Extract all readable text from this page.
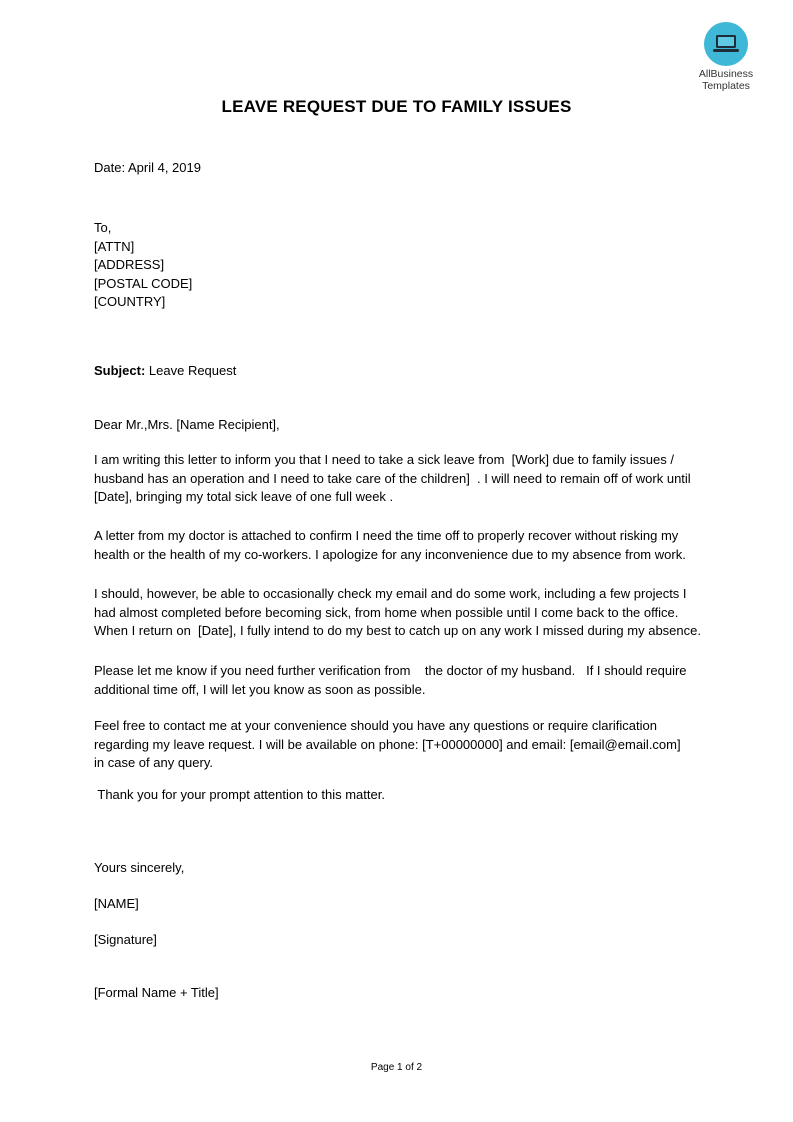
AllBusiness
Templates
LEAVE REQUEST DUE TO FAMILY ISSUES
Date: April 4, 2019
To,
[ATTN]
[ADDRESS]
[POSTAL CODE]
[COUNTRY]
Subject: Leave Request
Dear Mr.,Mrs. [Name Recipient],
I am writing this letter to inform you that I need to take a sick leave from  [Work] due to family issues /
husband has an operation and I need to take care of the children]  . I will need to remain off of work until
[Date], bringing my total sick leave of one full week .
A letter from my doctor is attached to confirm I need the time off to properly recover without risking my
health or the health of my co-workers. I apologize for any inconvenience due to my absence from work.
I should, however, be able to occasionally check my email and do some work, including a few projects I
had almost completed before becoming sick, from home when possible until I come back to the office.
When I return on  [Date], I fully intend to do my best to catch up on any work I missed during my absence.
Please let me know if you need further verification from    the doctor of my husband.   If I should require
additional time off, I will let you know as soon as possible.
Feel free to contact me at your convenience should you have any questions or require clarification
regarding my leave request. I will be available on phone: [T+00000000] and email: [email@email.com]
in case of any query.
Thank you for your prompt attention to this matter.
Yours sincerely,
[NAME]
[Signature]
[Formal Name + Title]
Page 1 of 2
